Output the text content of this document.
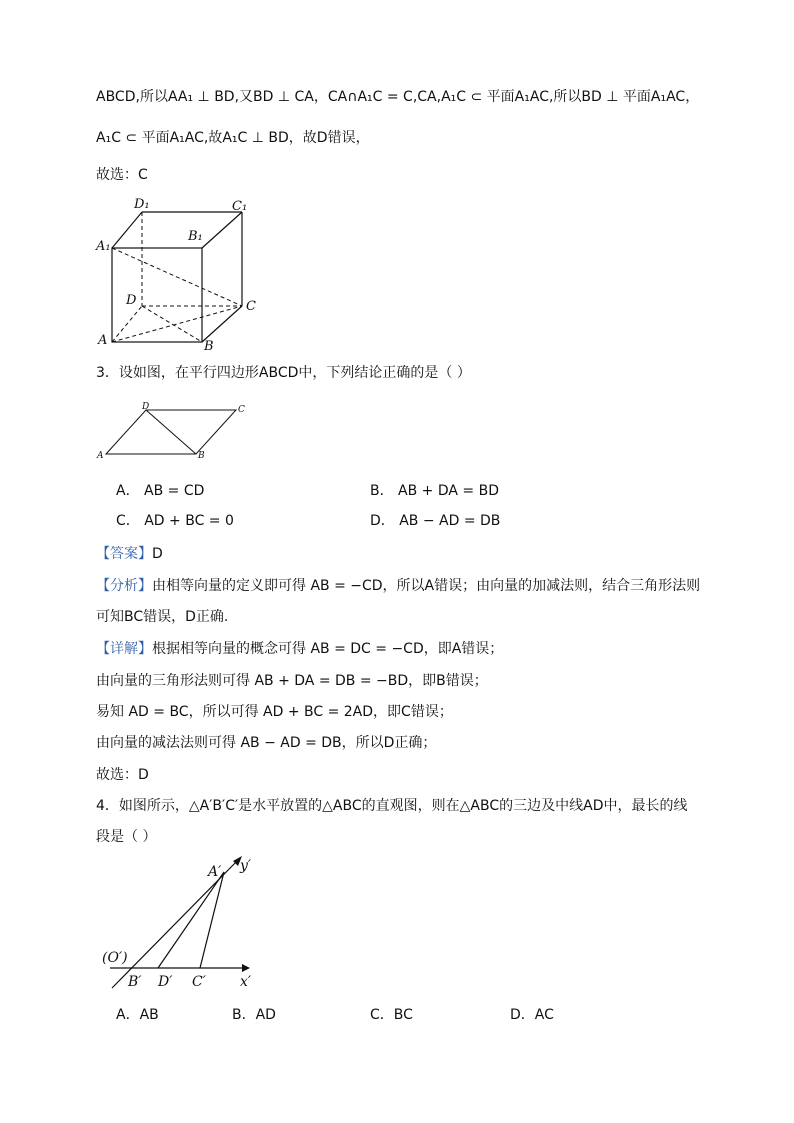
ABCD,所以AA₁ ⊥ BD,又BD ⊥ CA，CA∩A₁C = C,CA,A₁C ⊂ 平面A₁AC,所以BD ⊥ 平面A₁AC，
A₁C ⊂ 平面A₁AC,故A₁C ⊥ BD，故D错误，
故选：C
D₁	C₁
A₁
B₁
D	C
A	B
3．设如图，在平行四边形ABCD中，下列结论正确的是（ ）
D	C
A	B
A． AB = CD	B． AB + DA = BD
C． AD + BC = 0	D． AB − AD = DB
【答案】D
【分析】由相等向量的定义即可得 AB = −CD，所以A错误；由向量的加减法则，结合三角形法则
可知BC错误，D正确.
【详解】根据相等向量的概念可得 AB = DC = −CD，即A错误；
由向量的三角形法则可得 AB + DA = DB = −BD，即B错误；
易知 AD = BC，所以可得 AD + BC = 2AD，即C错误；
由向量的减法法则可得 AB − AD = DB，所以D正确；
故选：D
4．如图所示，△A′B′C′是水平放置的△ABC的直观图，则在△ABC的三边及中线AD中，最长的线
段是（ ）
A′ y′
(O′)
B′ D′ C′ x′
A．AB	B．AD	C．BC	D．AC
